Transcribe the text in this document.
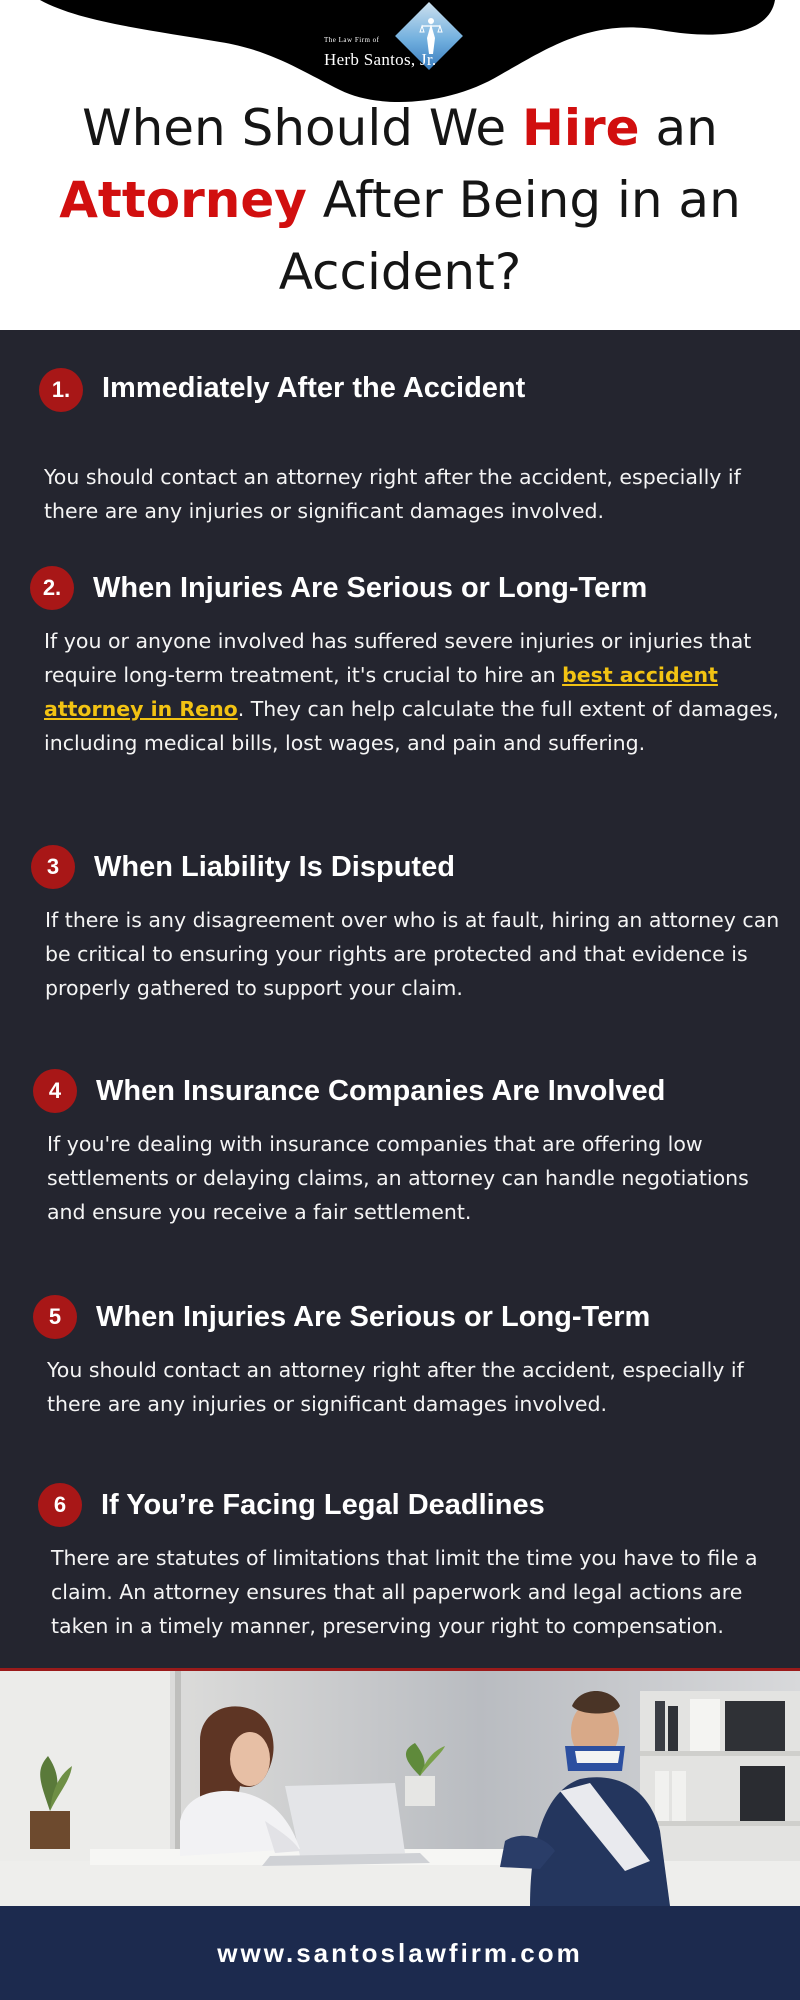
The Law Firm of
Herb Santos, Jr.
When Should We Hire an
Attorney After Being in an Accident?
1.	Immediately After the Accident
You should contact an attorney right after the accident, especially if there are any injuries or significant damages involved.
2.	When Injuries Are Serious or Long-Term
If you or anyone involved has suffered severe injuries or injuries that require long-term treatment, it's crucial to hire an best accident attorney in Reno. They can help calculate the full extent of damages, including medical bills, lost wages, and pain and suffering.
3	When Liability Is Disputed
If there is any disagreement over who is at fault, hiring an attorney can be critical to ensuring your rights are protected and that evidence is properly gathered to support your claim.
4	When Insurance Companies Are Involved
If you're dealing with insurance companies that are offering low settlements or delaying claims, an attorney can handle negotiations and ensure you receive a fair settlement.
5	When Injuries Are Serious or Long-Term
You should contact an attorney right after the accident, especially if there are any injuries or significant damages involved.
6	If You’re Facing Legal Deadlines
There are statutes of limitations that limit the time you have to file a claim. An attorney ensures that all paperwork and legal actions are taken in a timely manner, preserving your right to compensation.
www.santoslawfirm.com
